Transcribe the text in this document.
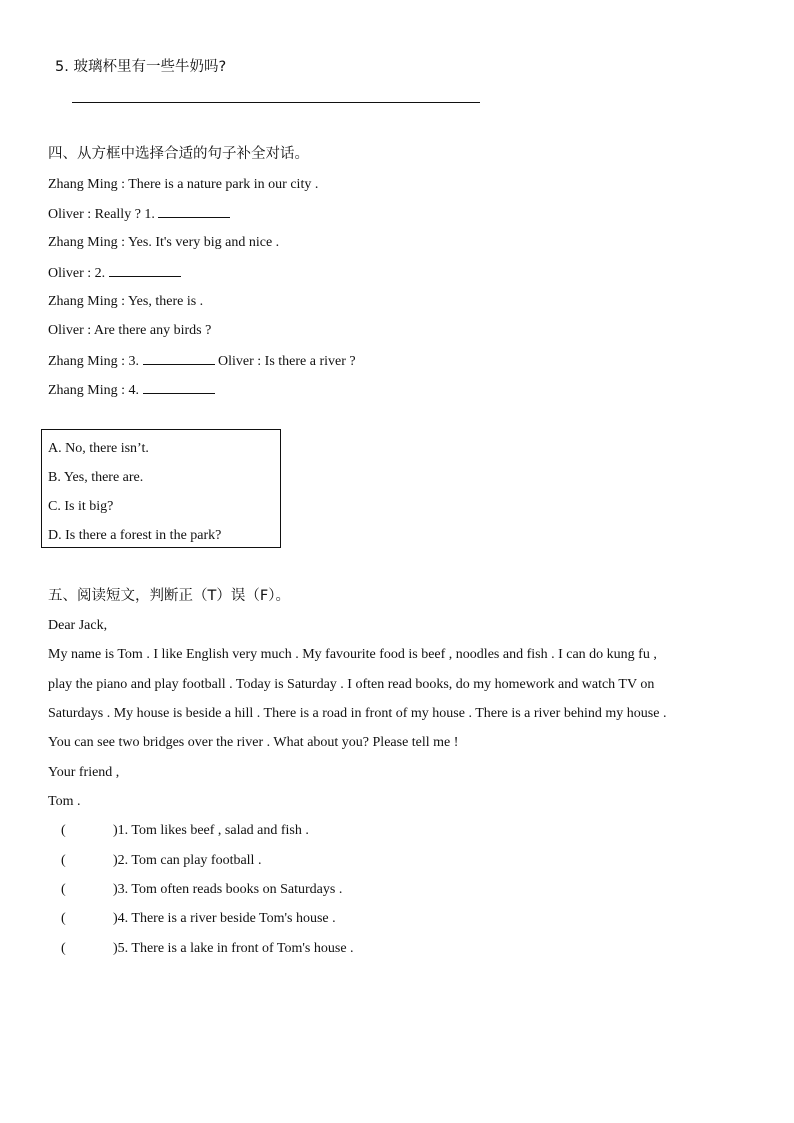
5. 玻璃杯里有一些牛奶吗?
四、从方框中选择合适的句子补全对话。
Zhang Ming : There is a nature park in our city .
Oliver : Really ? 1.
Zhang Ming : Yes. It's very big and nice .
Oliver : 2.
Zhang Ming : Yes, there is .
Oliver : Are there any birds ?
Zhang Ming : 3.	Oliver : Is there a river ?
Zhang Ming : 4.
A. No, there isn’t.
B. Yes, there are.
C. Is it big?
D. Is there a forest in the park?
五、阅读短文，判断正（T）误（F）。
Dear Jack,
My name is Tom . I like English very much . My favourite food is beef , noodles and fish . I can do kung fu ,
play the piano and play football . Today is Saturday . I often read books, do my homework and watch TV on
Saturdays . My house is beside a hill . There is a road in front of my house . There is a river behind my house .
You can see two bridges over the river . What about you? Please tell me !
Your friend ,
Tom .
(	)1. Tom likes beef , salad and fish .
(	)2. Tom can play football .
(	)3. Tom often reads books on Saturdays .
(	)4. There is a river beside Tom's house .
(	)5. There is a lake in front of Tom's house .
